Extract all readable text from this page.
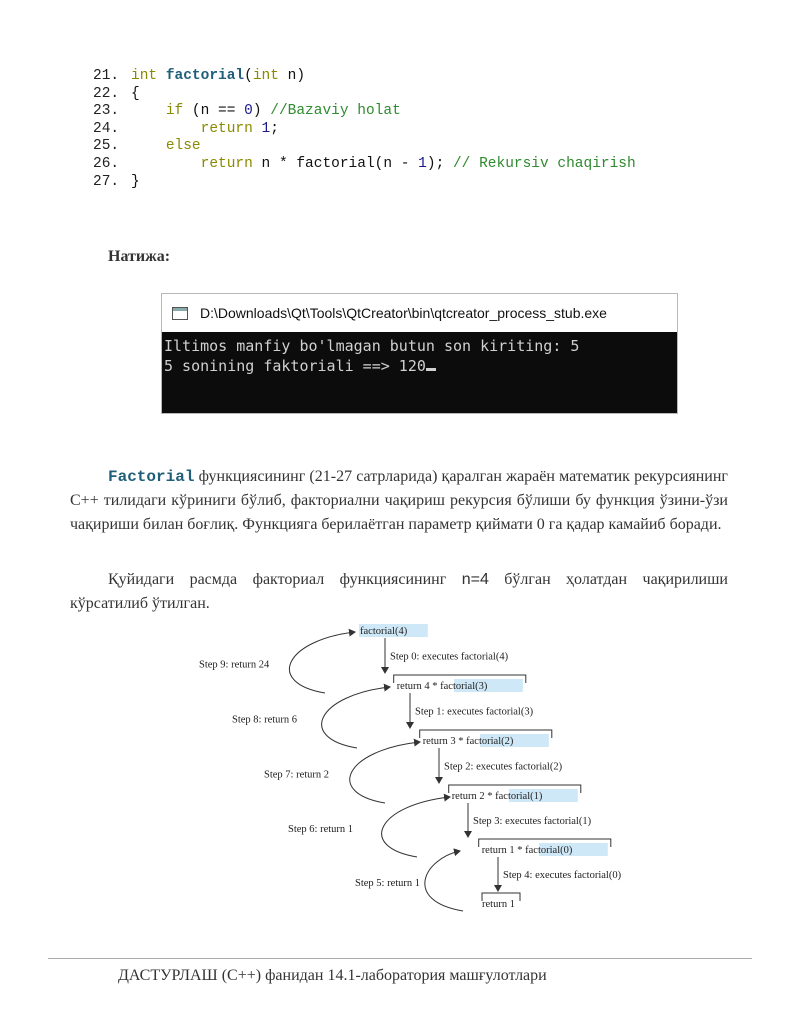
21. int factorial(int n)
22. {
23.	if (n == 0) //Bazaviy holat
24.	return 1;
25.	else
26.	return n * factorial(n - 1); // Rekursiv chaqirish
27. }
Натижа:
D:\Downloads\Qt\Tools\QtCreator\bin\qtcreator_process_stub.exe
Iltimos manfiy bo'lmagan butun son kiriting: 5
5 sonining faktoriali ==> 120
Factorial функциясининг (21-27 сатрларида) қаралган жараён математик рекурсиянинг C++ тилидаги кўриниги бўлиб, факториални чақириш рекурсия бўлиши бу функция ўзини-ўзи чақириши билан боғлиқ. Функцияга берилаётган параметр қиймати 0 га қадар камайиб боради.
Қуйидаги расмда факториал функциясининг n=4 бўлган ҳолатдан чақирилиши кўрсатилиб ўтилган.
factorial(4)
return 4 * factorial(3)
return 3 * factorial(2)
return 2 * factorial(1)
return 1 * factorial(0)
return 1
Step 0: executes factorial(4)
Step 1: executes factorial(3)
Step 2: executes factorial(2)
Step 3: executes factorial(1)
Step 4: executes factorial(0)
Step 9: return 24
Step 8: return 6
Step 7: return 2
Step 6: return 1
Step 5: return 1
ДАСТУРЛАШ (C++) фанидан 14.1-лаборатория машғулотлари
